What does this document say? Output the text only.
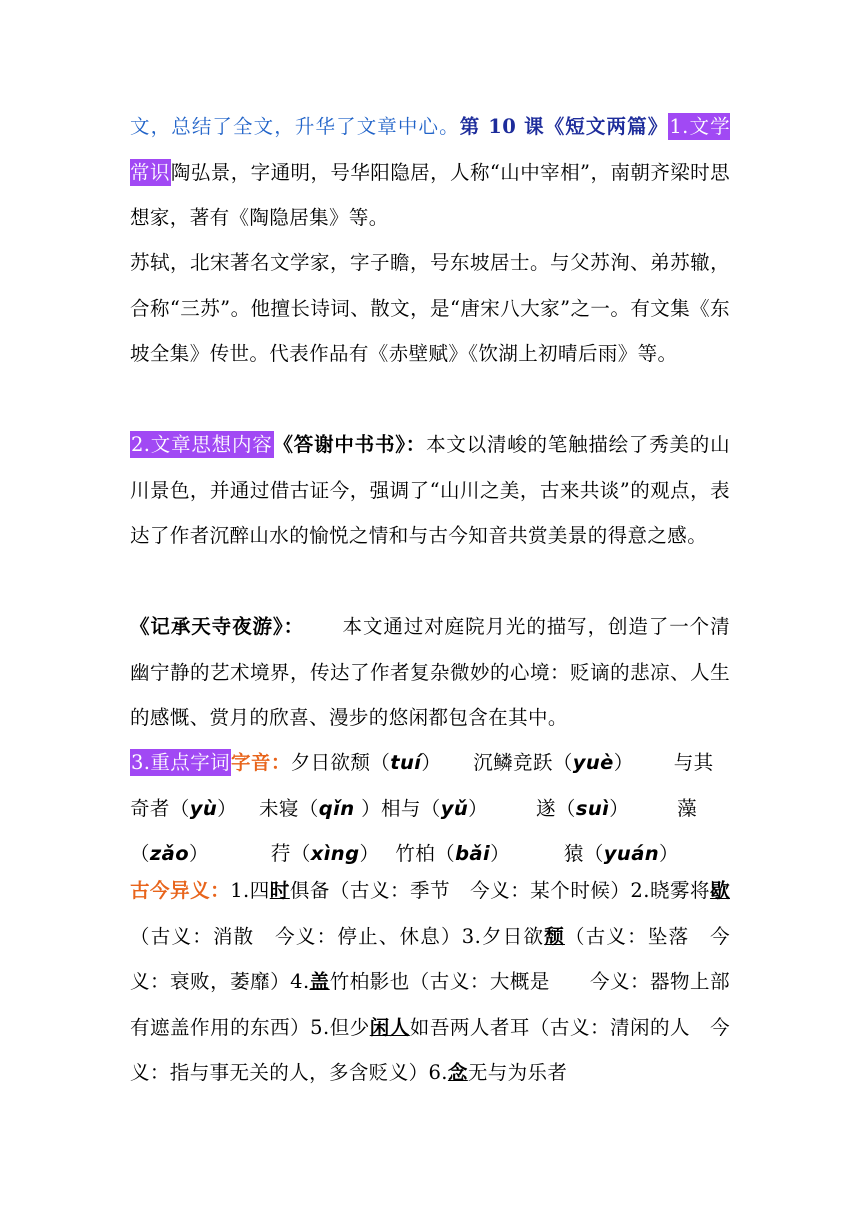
文，总结了全文，升华了文章中心。第 10 课《短文两篇》1.文学常识陶弘景，字通明，号华阳隐居，人称“山中宰相”，南朝齐梁时思想家，著有《陶隐居集》等。
苏轼，北宋著名文学家，字子瞻，号东坡居士。与父苏洵、弟苏辙，合称“三苏”。他擅长诗词、散文，是“唐宋八大家”之一。有文集《东坡全集》传世。代表作品有《赤壁赋》《饮湖上初晴后雨》等。
2.文章思想内容《答谢中书书》：本文以清峻的笔触描绘了秀美的山川景色，并通过借古证今，强调了“山川之美，古来共谈”的观点，表达了作者沉醉山水的愉悦之情和与古今知音共赏美景的得意之感。
《记承天寺夜游》： 本文通过对庭院月光的描写，创造了一个清幽宁静的艺术境界，传达了作者复杂微妙的心境：贬谪的悲凉、人生的感慨、赏月的欣喜、漫步的悠闲都包含在其中。
3.重点字词字音：夕日欲颓（tuí） 沉鳞竞跃（yuè） 与其
奇者（yù） 未寝（qǐn ）相与（yǔ） 遂（suì） 藻
（zǎo）	荇（xìng） 竹柏（bǎi）	猿（yuán）
古今异义：1.四时俱备（古义：季节　今义：某个时候）2.晓雾将歇（古义：消散　今义：停止、休息）3.夕日欲颓（古义：坠落　今义：衰败，萎靡）4.盖竹柏影也（古义：大概是　　今义：器物上部有遮盖作用的东西）5.但少闲人如吾两人者耳（古义：清闲的人　今义：指与事无关的人，多含贬义）6.念无与为乐者
